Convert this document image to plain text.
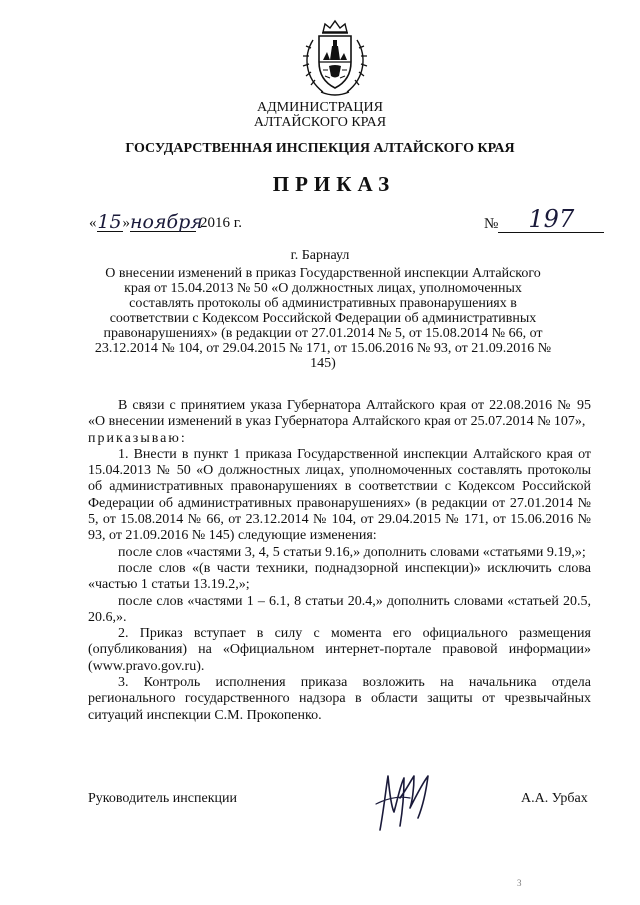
АДМИНИСТРАЦИЯ
АЛТАЙСКОГО КРАЯ
ГОСУДАРСТВЕННАЯ ИНСПЕКЦИЯ АЛТАЙСКОГО КРАЯ
ПРИКАЗ
« 15 » ноября
2016 г.	№	197
г. Барнаул
О внесении изменений в приказ Государственной инспекции Алтайского края от 15.04.2013 № 50 «О должностных лицах, уполномоченных составлять протоколы об административных правонарушениях в соответствии с Кодексом Российской Федерации об административных правонарушениях» (в редакции от 27.01.2014 № 5, от 15.08.2014 № 66, от 23.12.2014 № 104, от 29.04.2015 № 171, от 15.06.2016 № 93, от 21.09.2016 № 145)

В связи с принятием указа Губернатора Алтайского края от 22.08.2016 № 95 «О внесении изменений в указ Губернатора Алтайского края от 25.07.2014 № 107»,

приказываю:

1. Внести в пункт 1 приказа Государственной инспекции Алтайского края от 15.04.2013 № 50 «О должностных лицах, уполномоченных составлять протоколы об административных правонарушениях в соответствии с Кодексом Российской Федерации об административных правонарушениях» (в редакции от 27.01.2014 № 5, от 15.08.2014 № 66, от 23.12.2014 № 104, от 29.04.2015 № 171, от 15.06.2016 № 93, от 21.09.2016 № 145) следующие изменения:

после слов «частями 3, 4, 5 статьи 9.16,» дополнить словами «статьями 9.19,»;

после слов «(в части техники, поднадзорной инспекции)» исключить слова «частью 1 статьи 13.19.2,»;

после слов «частями 1 – 6.1, 8 статьи 20.4,» дополнить словами «статьей 20.5, 20.6,».

2. Приказ вступает в силу с момента его официального размещения (опубликования) на «Официальном интернет-портале правовой информации» (www.pravo.gov.ru).

3. Контроль исполнения приказа возложить на начальника отдела регионального государственного надзора в области защиты от чрезвычайных ситуаций инспекции С.М. Прокопенко.

Руководитель инспекции	А.А. Урбах
3
